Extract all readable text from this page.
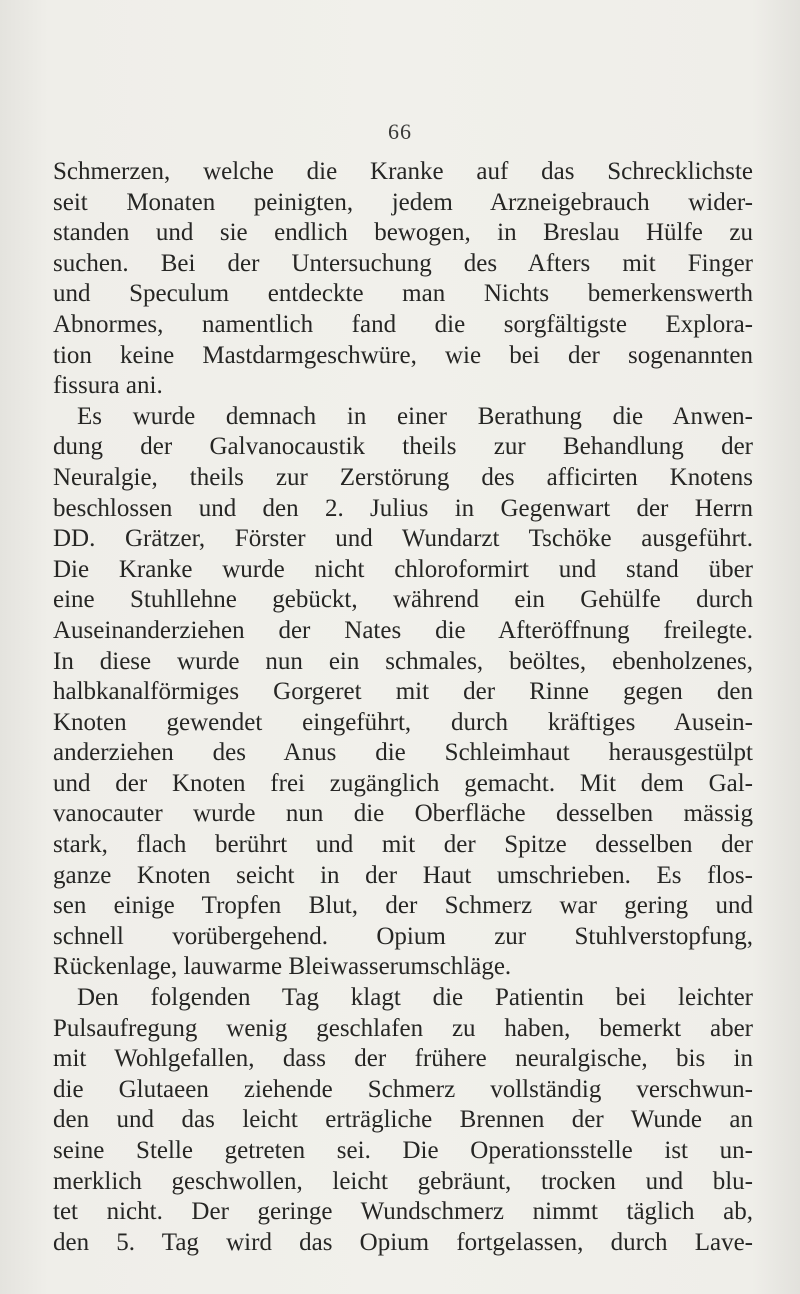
66
Schmerzen, welche die Kranke auf das Schrecklichste
seit Monaten peinigten, jedem Arzneigebrauch wider-
standen und sie endlich bewogen, in Breslau Hülfe zu
suchen. Bei der Untersuchung des Afters mit Finger
und Speculum entdeckte man Nichts bemerkenswerth
Abnormes, namentlich fand die sorgfältigste Explora-
tion keine Mastdarmgeschwüre, wie bei der sogenannten
fissura ani.
Es wurde demnach in einer Berathung die Anwen-
dung der Galvanocaustik theils zur Behandlung der
Neuralgie, theils zur Zerstörung des afficirten Knotens
beschlossen und den 2. Julius in Gegenwart der Herrn
DD. Grätzer, Förster und Wundarzt Tschöke ausgeführt.
Die Kranke wurde nicht chloroformirt und stand über
eine Stuhllehne gebückt, während ein Gehülfe durch
Auseinanderziehen der Nates die Afteröffnung freilegte.
In diese wurde nun ein schmales, beöltes, ebenholzenes,
halbkanalförmiges Gorgeret mit der Rinne gegen den
Knoten gewendet eingeführt, durch kräftiges Ausein-
anderziehen des Anus die Schleimhaut herausgestülpt
und der Knoten frei zugänglich gemacht. Mit dem Gal-
vanocauter wurde nun die Oberfläche desselben mässig
stark, flach berührt und mit der Spitze desselben der
ganze Knoten seicht in der Haut umschrieben. Es flos-
sen einige Tropfen Blut, der Schmerz war gering und
schnell vorübergehend. Opium zur Stuhlverstopfung,
Rückenlage, lauwarme Bleiwasserumschläge.
Den folgenden Tag klagt die Patientin bei leichter
Pulsaufregung wenig geschlafen zu haben, bemerkt aber
mit Wohlgefallen, dass der frühere neuralgische, bis in
die Glutaeen ziehende Schmerz vollständig verschwun-
den und das leicht erträgliche Brennen der Wunde an
seine Stelle getreten sei. Die Operationsstelle ist un-
merklich geschwollen, leicht gebräunt, trocken und blu-
tet nicht. Der geringe Wundschmerz nimmt täglich ab,
den 5. Tag wird das Opium fortgelassen, durch Lave-
